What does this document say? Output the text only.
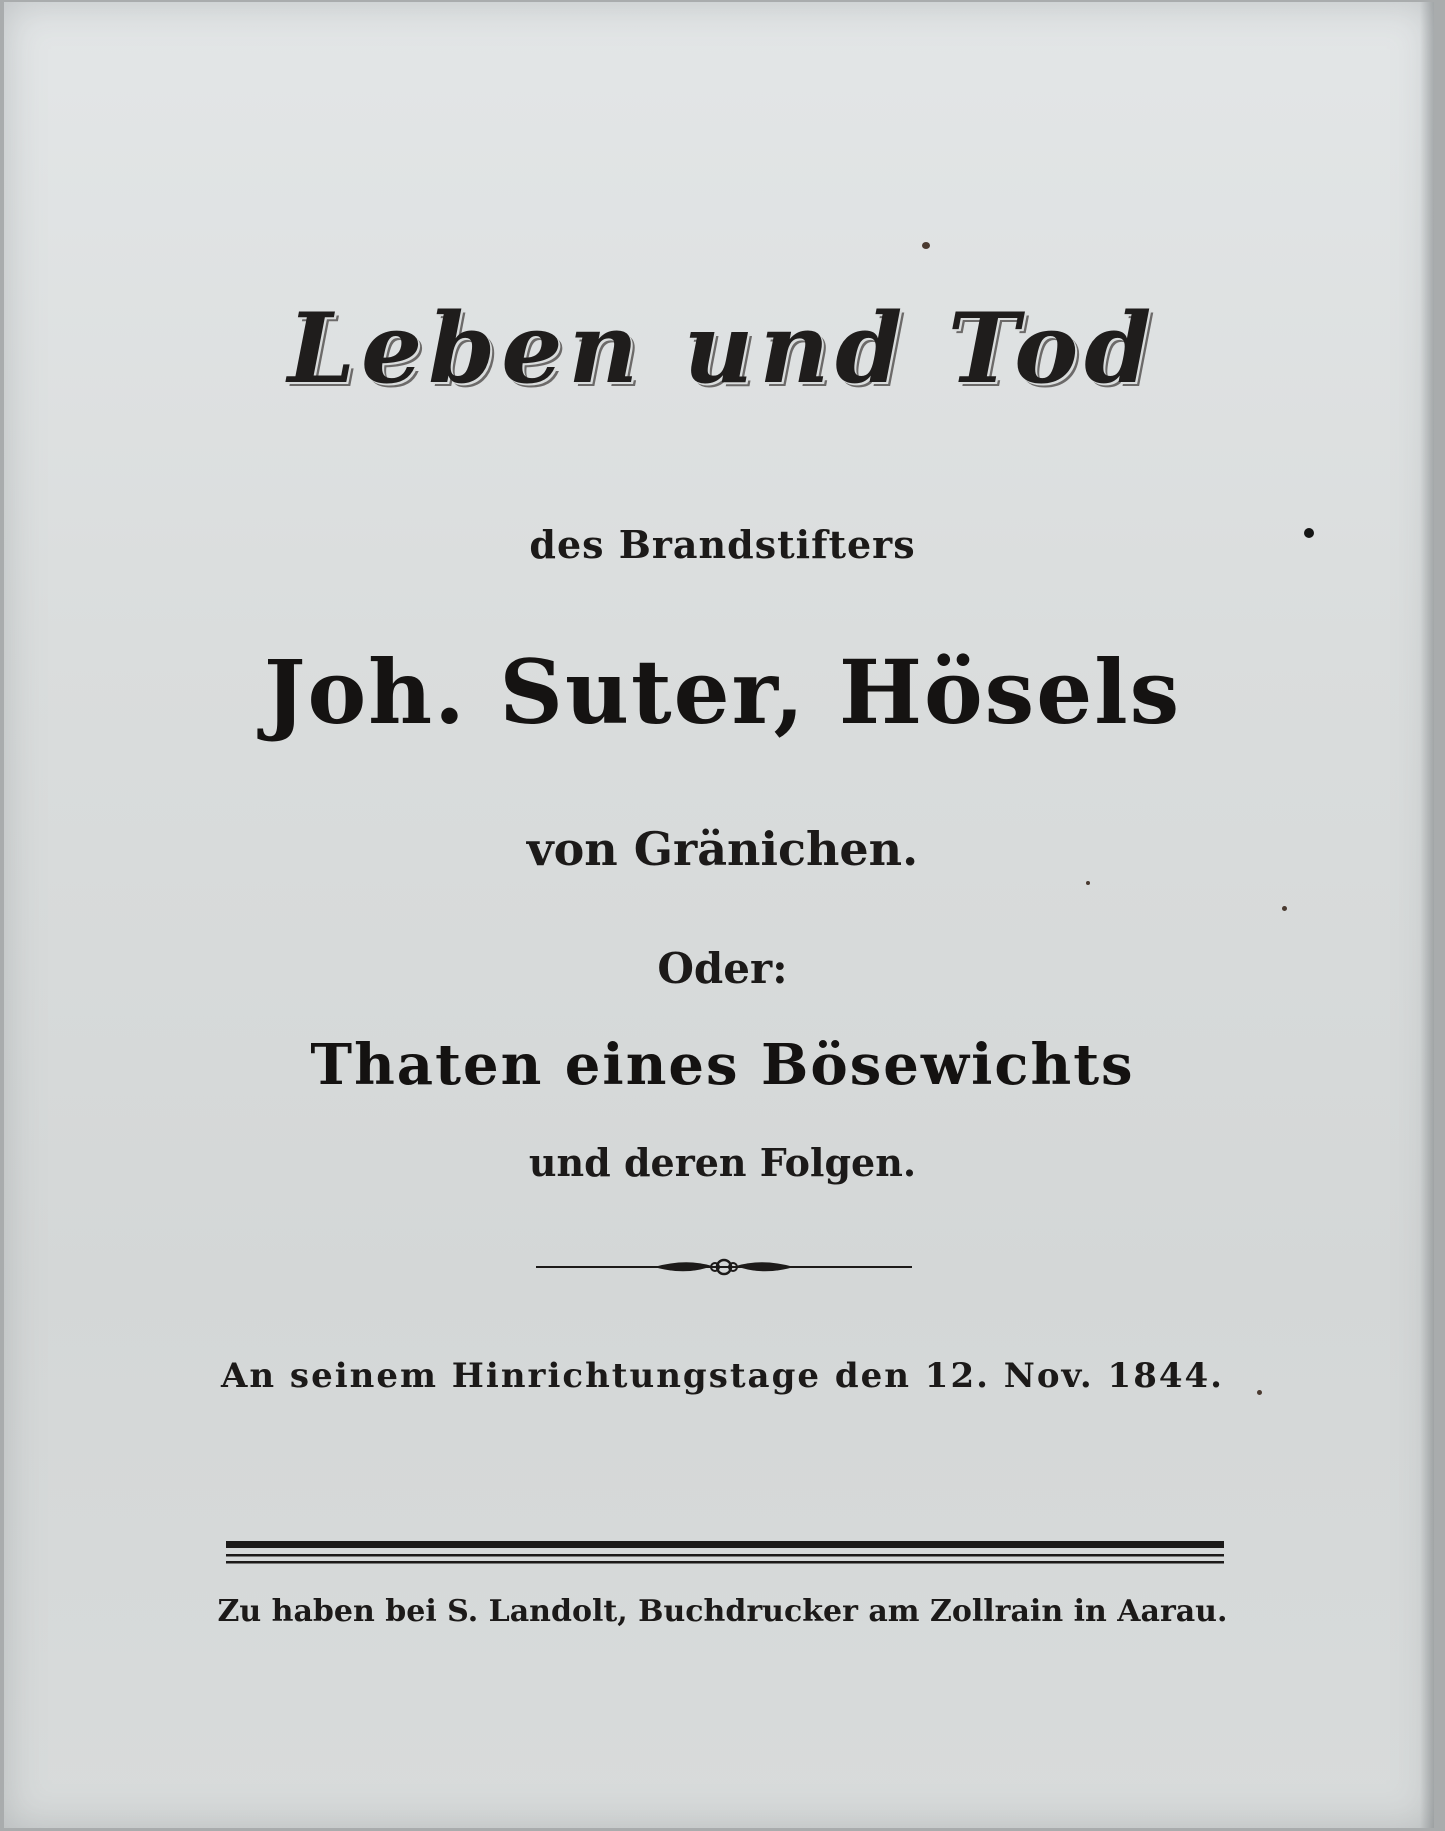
Leben und Tod

des Brandstifters

Joh. Suter, Hösels

von Gränichen.

Oder:

Thaten eines Bösewichts

und deren Folgen.

An seinem Hinrichtungstage den 12. Nov. 1844.

Zu haben bei S. Landolt, Buchdrucker am Zollrain in Aarau.
